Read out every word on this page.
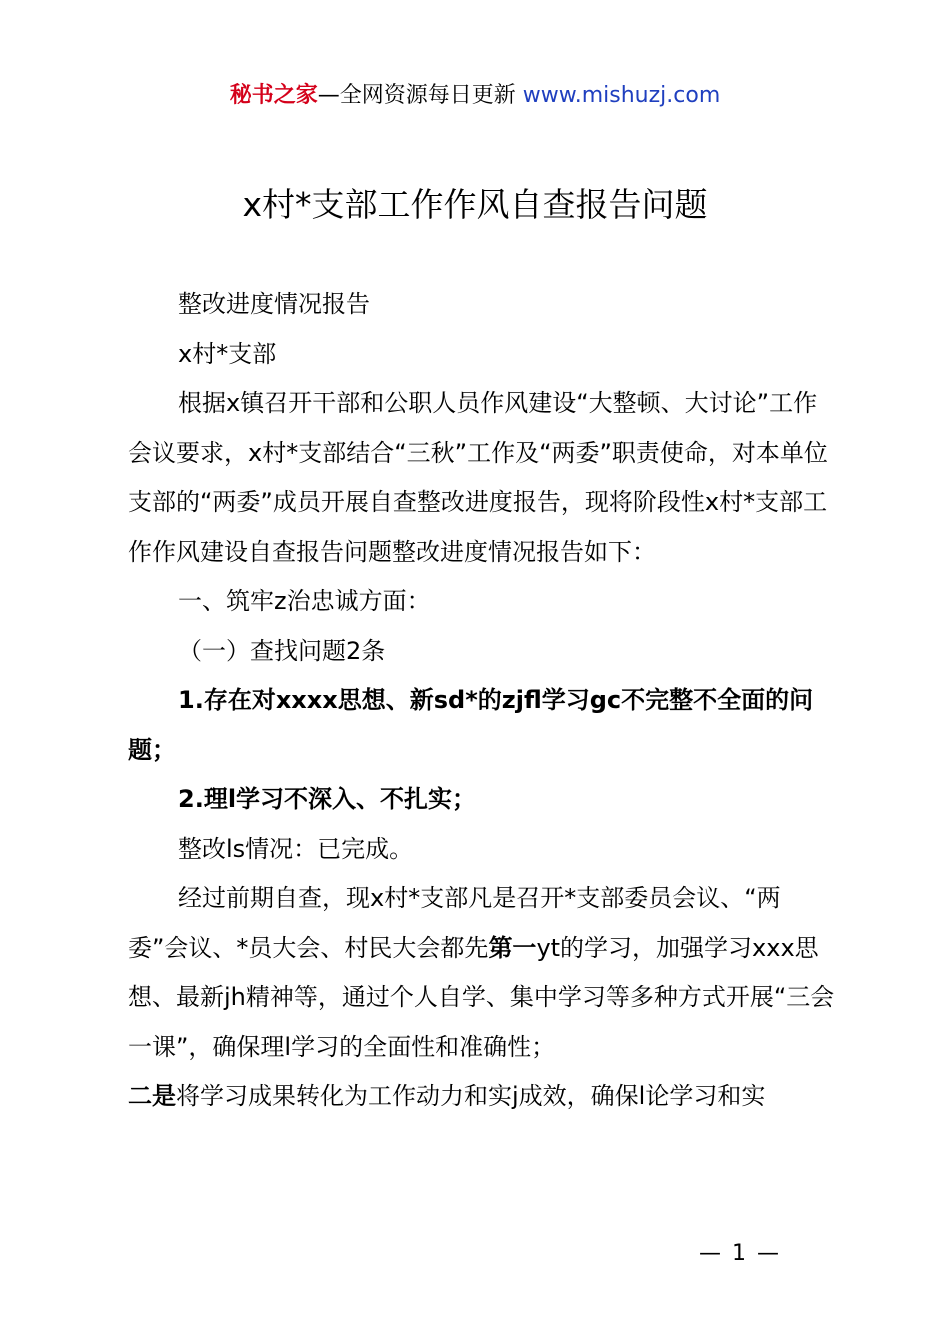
秘书之家—全网资源每日更新 www.mishuzj.com
x村*支部工作作风自查报告问题

整改进度情况报告

x村*支部

根据x镇召开干部和公职人员作风建设“大整顿、大讨论”工作会议要求，x村*支部结合“三秋”工作及“两委”职责使命，对本单位支部的“两委”成员开展自查整改进度报告，现将阶段性x村*支部工作作风建设自查报告问题整改进度情况报告如下：

一、筑牢z治忠诚方面：

（一）查找问题2条

1.存在对xxxx思想、新sd*的zjfl学习gc不完整不全面的问题；

2.理l学习不深入、不扎实；

整改ls情况：已完成。

经过前期自查，现x村*支部凡是召开*支部委员会议、“两委”会议、*员大会、村民大会都先第一yt的学习，加强学习xxx思想、最新jh精神等，通过个人自学、集中学习等多种方式开展“三会一课”，确保理l学习的全面性和准确性；
二是将学习成果转化为工作动力和实j成效，确保l论学习和实

— 1 —
